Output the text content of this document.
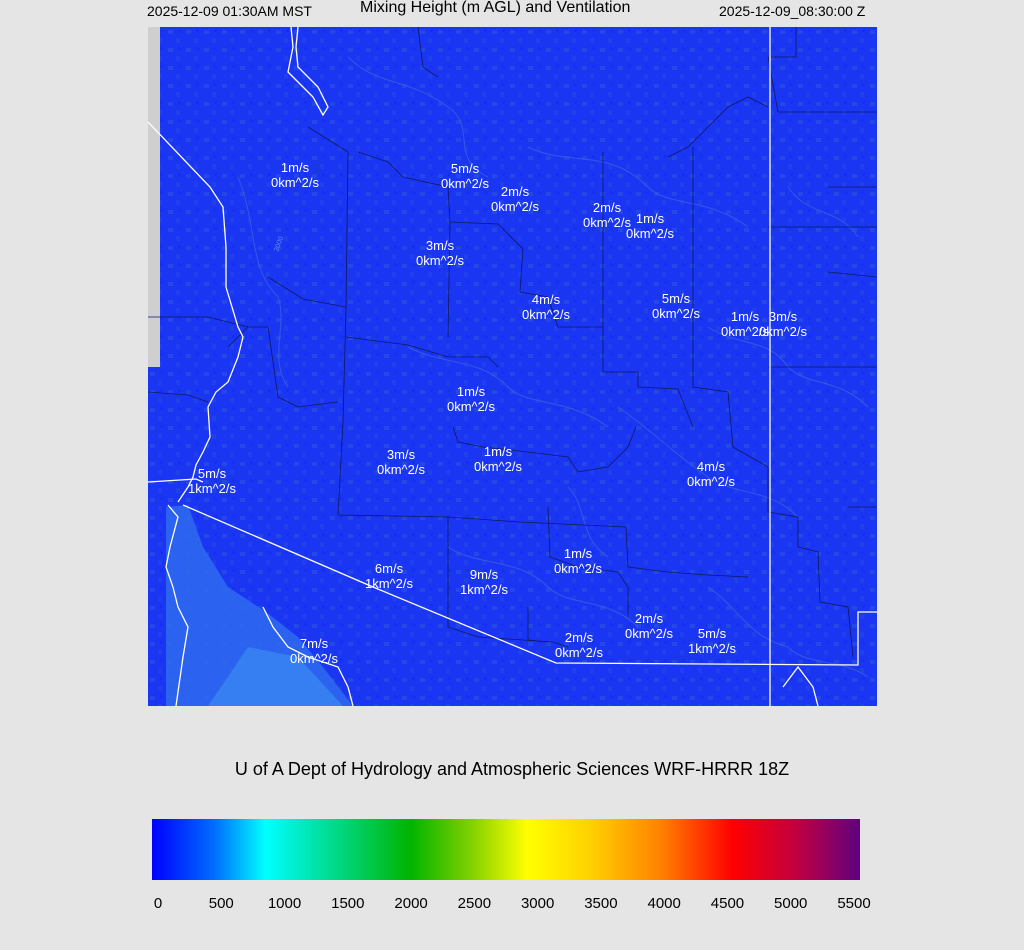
2025-12-09 01:30AM MST	Mixing Height (m AGL) and Ventilation	2025-12-09_08:30:00 Z
2000
1m/s
0km^2/s
5m/s
0km^2/s
2m/s
0km^2/s	2m/s
0km^2/s 1m/s
0km^2/s
3m/s
0km^2/s
4m/s
0km^2/s
5m/s
0km^2/s	1m/s
0km^2/s
3m/s
0km^2/s
1m/s
0km^2/s
3m/s
0km^2/s
1m/s
0km^2/s	4m/s
0km^2/s
5m/s
1km^2/s
1m/s
0km^2/s
6m/s
1km^2/s
9m/s
1km^2/s
2m/s
0km^2/s
2m/s
0km^2/s
5m/s
1km^2/s
7m/s
0km^2/s
U of A Dept of Hydrology and Atmospheric Sciences WRF-HRRR 18Z
0	500 1000 1500 2000 2500 3000 3500 4000 4500 5000 5500
